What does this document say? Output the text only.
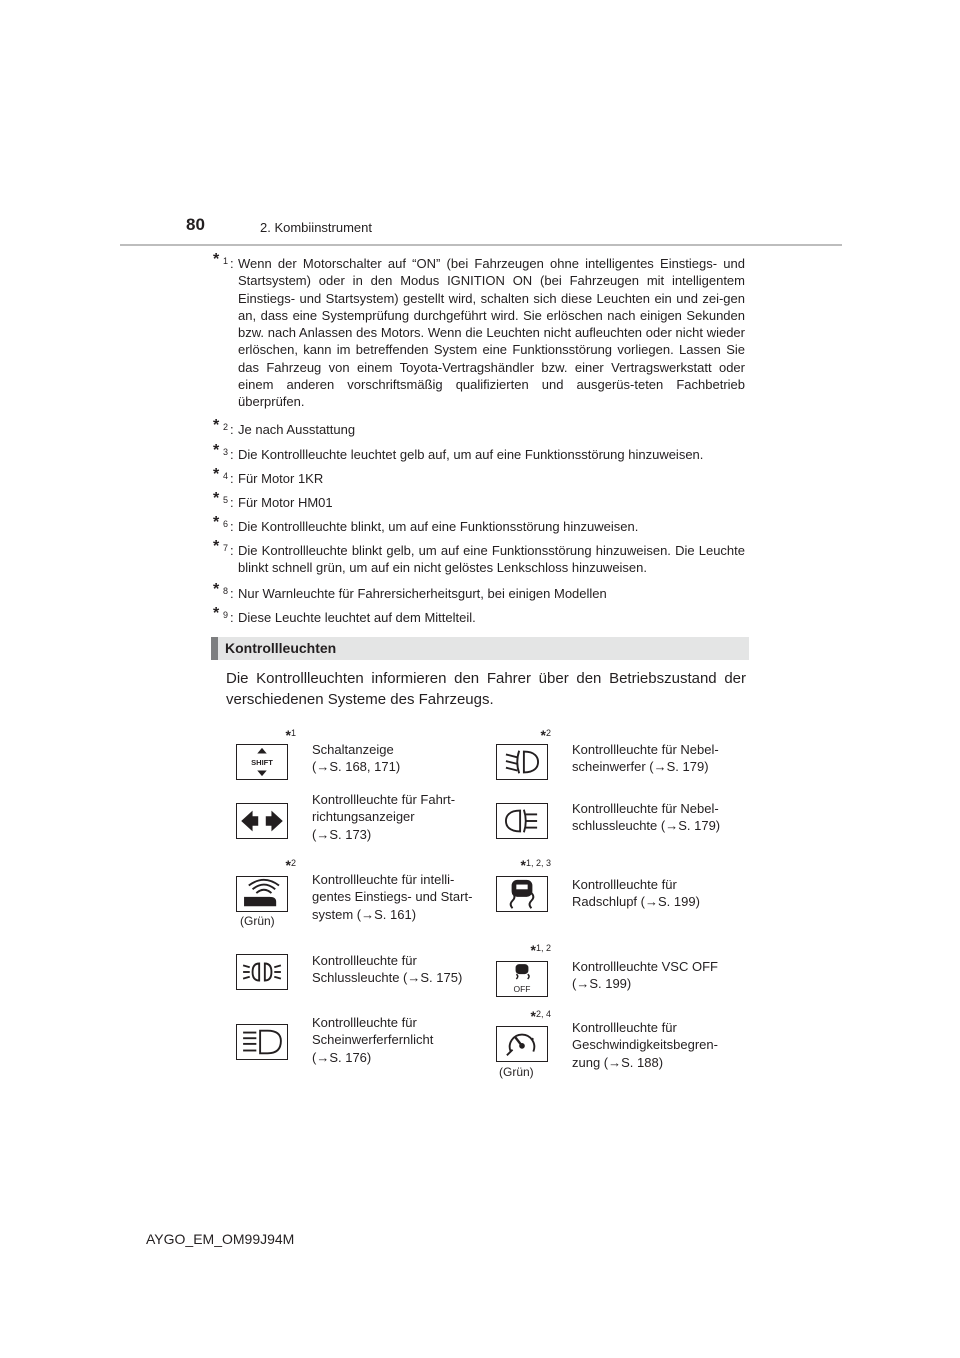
80	2. Kombiinstrument
* 1 : Wenn der Motorschalter auf “ON” (bei Fahrzeugen ohne intelligentes Einstiegs- und Startsystem) oder in den Modus IGNITION ON (bei Fahrzeugen mit intelligentem Einstiegs- und Startsystem) gestellt wird, schalten sich diese Leuchten ein und zei-gen an, dass eine Systemprüfung durchgeführt wird. Sie erlöschen nach einigen Sekunden bzw. nach Anlassen des Motors. Wenn die Leuchten nicht aufleuchten oder nicht wieder erlöschen, kann im betreffenden System eine Funktionsstörung vorliegen. Lassen Sie das Fahrzeug von einem Toyota-Vertragshändler bzw. einer Vertragswerkstatt oder einem anderen vorschriftsmäßig qualifizierten und ausgerüs-teten Fachbetrieb überprüfen.
* 2 : Je nach Ausstattung
* 3 : Die Kontrollleuchte leuchtet gelb auf, um auf eine Funktionsstörung hinzuweisen.
* 4 : Für Motor 1KR
* 5 : Für Motor HM01
* 6 : Die Kontrollleuchte blinkt, um auf eine Funktionsstörung hinzuweisen.
* 7 : Die Kontrollleuchte blinkt gelb, um auf eine Funktionsstörung hinzuweisen. Die Leuchte blinkt schnell grün, um auf ein nicht gelöstes Lenkschloss hinzuweisen.
* 8 : Nur Warnleuchte für Fahrersicherheitsgurt, bei einigen Modellen
* 9 : Diese Leuchte leuchtet auf dem Mittelteil.
Kontrollleuchten
Die Kontrollleuchten informieren den Fahrer über den Betriebszustand der verschiedenen Systeme des Fahrzeugs.
*$^1$
SHIFT
Schaltanzeige
(→S. 168, 171)
*$^2$
Kontrollleuchte für Nebel-
scheinwerfer (→S. 179)
Kontrollleuchte für Fahrt-
richtungsanzeiger
(→S. 173)
Kontrollleuchte für Nebel-
schlussleuchte (→S. 179)
*$^2$
(Grün)
Kontrollleuchte für intelli-
gentes Einstiegs- und Start-
system (→S. 161)
*$^{1, 2, 3}$
Kontrollleuchte für
Radschlupf (→S. 199)
Kontrollleuchte für
Schlussleuchte (→S. 175)
*$^{1, 2}$
OFF
Kontrollleuchte VSC OFF
(→S. 199)
Kontrollleuchte für
Scheinwerferfernlicht
(→S. 176)
*$^{2, 4}$
(Grün)
Kontrollleuchte für
Geschwindigkeitsbegren-
zung (→S. 188)
AYGO_EM_OM99J94M
